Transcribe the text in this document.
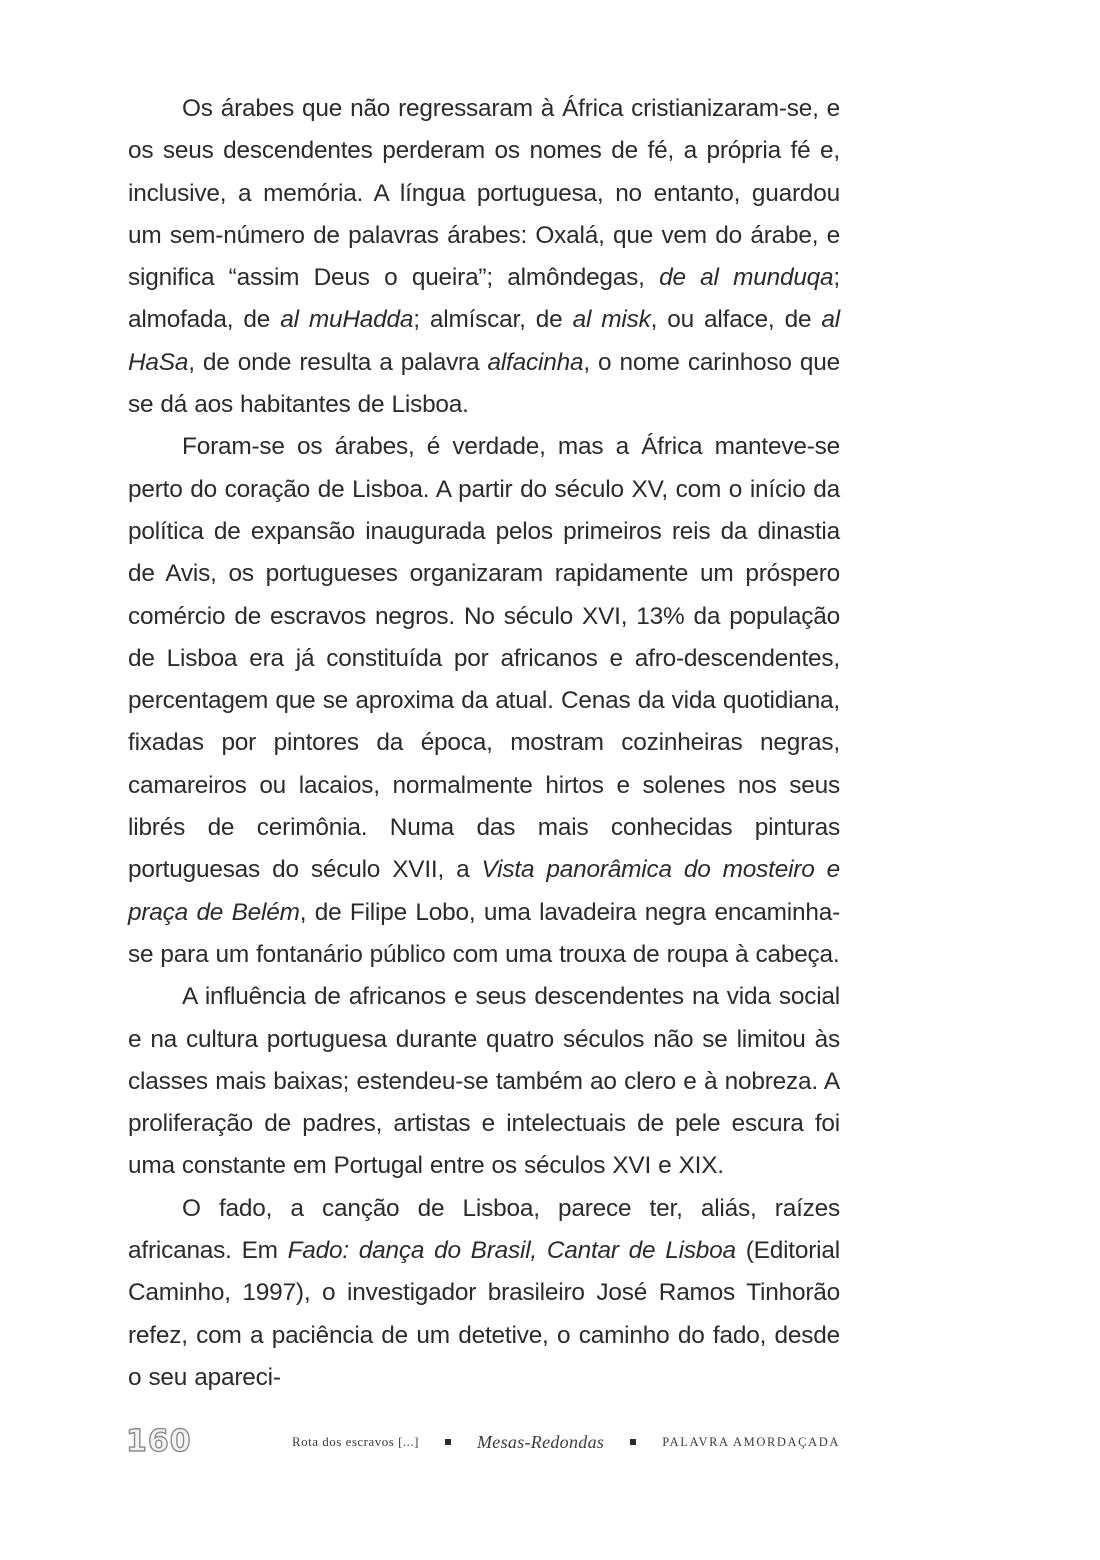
Os árabes que não regressaram à África cristianizaram-se, e os seus descendentes perderam os nomes de fé, a própria fé e, inclusive, a memória. A língua portuguesa, no entanto, guardou um sem-número de palavras árabes: Oxalá, que vem do árabe, e significa “assim Deus o queira”; almôndegas, de al munduqa; almofada, de al muHadda; almíscar, de al misk, ou alface, de al HaSa, de onde resulta a palavra alfacinha, o nome carinhoso que se dá aos habitantes de Lisboa.

Foram-se os árabes, é verdade, mas a África manteve-se perto do coração de Lisboa. A partir do século XV, com o início da política de expansão inaugurada pelos primeiros reis da dinastia de Avis, os portugueses organizaram rapidamente um próspero comércio de escravos negros. No século XVI, 13% da população de Lisboa era já constituída por africanos e afro-descendentes, percentagem que se aproxima da atual. Cenas da vida quotidiana, fixadas por pintores da época, mostram cozinheiras negras, camareiros ou lacaios, normalmente hirtos e solenes nos seus librés de cerimônia. Numa das mais conhecidas pinturas portuguesas do século XVII, a Vista panorâmica do mosteiro e praça de Belém, de Filipe Lobo, uma lavadeira negra encaminha-se para um fontanário público com uma trouxa de roupa à cabeça.

A influência de africanos e seus descendentes na vida social e na cultura portuguesa durante quatro séculos não se limitou às classes mais baixas; estendeu-se também ao clero e à nobreza. A proliferação de padres, artistas e intelectuais de pele escura foi uma constante em Portugal entre os séculos XVI e XIX.

O fado, a canção de Lisboa, parece ter, aliás, raízes africanas. Em Fado: dança do Brasil, Cantar de Lisboa (Editorial Caminho, 1997), o investigador brasileiro José Ramos Tinhorão refez, com a paciência de um detetive, o caminho do fado, desde o seu apareci-

160	Rota dos escravos [...]	Mesas-Redondas	PALAVRA AMORDAÇADA
